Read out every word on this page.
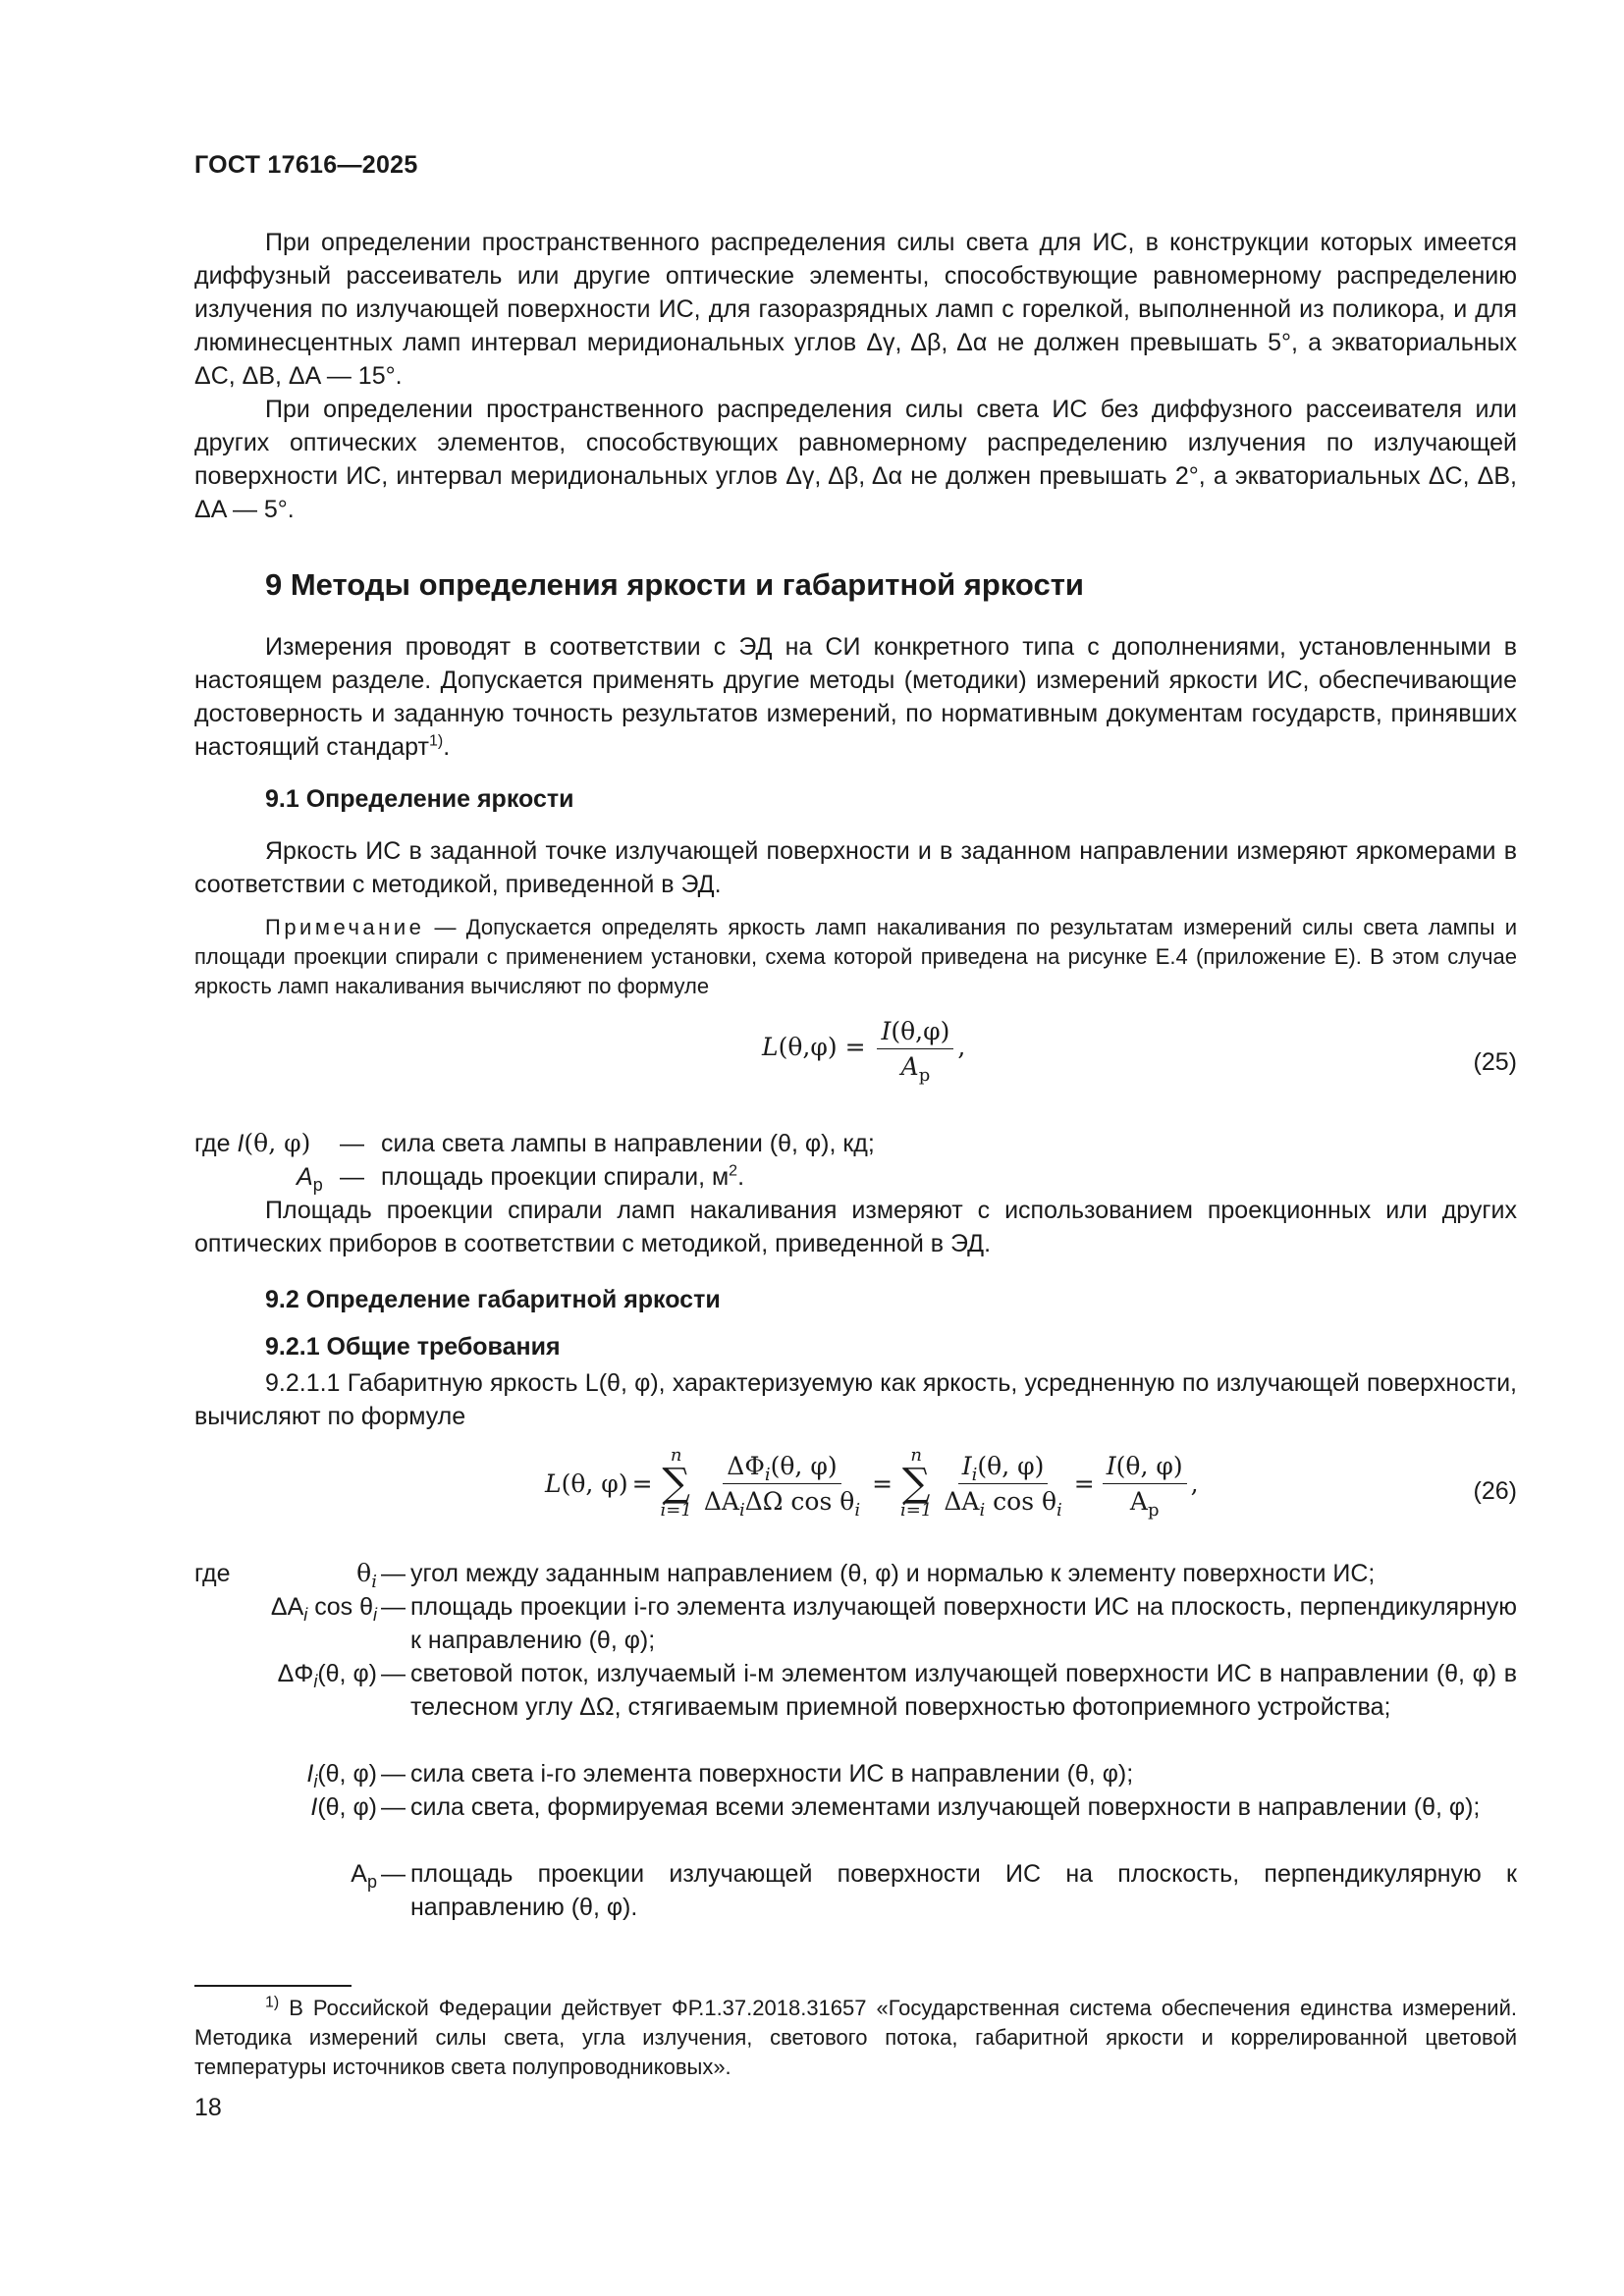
ГОСТ 17616—2025

При определении пространственного распределения силы света для ИС, в конструкции которых имеется диффузный рассеиватель или другие оптические элементы, способствующие равномерному распределению излучения по излучающей поверхности ИС, для газоразрядных ламп с горелкой, выполненной из поликора, и для люминесцентных ламп интервал меридиональных углов Δγ, Δβ, Δα не должен превышать 5°, а экваториальных ΔC, ΔB, ΔA — 15°.

При определении пространственного распределения силы света ИС без диффузного рассеивателя или других оптических элементов, способствующих равномерному распределению излучения по излучающей поверхности ИС, интервал меридиональных углов Δγ, Δβ, Δα не должен превышать 2°, а экваториальных ΔC, ΔB, ΔA — 5°.

9 Методы определения яркости и габаритной яркости

Измерения проводят в соответствии с ЭД на СИ конкретного типа с дополнениями, установленными в настоящем разделе. Допускается применять другие методы (методики) измерений яркости ИС, обеспечивающие достоверность и заданную точность результатов измерений, по нормативным документам государств, принявших настоящий стандарт$^{1)}$.

9.1 Определение яркости

Яркость ИС в заданной точке излучающей поверхности и в заданном направлении измеряют яркомерами в соответствии с методикой, приведенной в ЭД.

Примечание — Допускается определять яркость ламп накаливания по результатам измерений силы света лампы и площади проекции спирали с применением установки, схема которой приведена на рисунке Е.4 (приложение Е). В этом случае яркость ламп накаливания вычисляют по формуле

$L(\theta,\varphi) = \frac{I(\theta,\varphi)}{A_p}$ ,
(25)
где I(θ, φ) — сила света лампы в направлении (θ, φ), кд;
$A_p$ — площадь проекции спирали, $м^2$.

Площадь проекции спирали ламп накаливания измеряют с использованием проекционных или других оптических приборов в соответствии с методикой, приведенной в ЭД.

9.2 Определение габаритной яркости
9.2.1 Общие требования

9.2.1.1 Габаритную яркость L(θ, φ), характеризуемую как яркость, усредненную по излучающей поверхности, вычисляют по формуле

L (θ, φ) =
n
∑
$i=1 \frac{\Delta\Phi_i(\theta, \varphi)}{\Delta A_i\Delta\Omega \cos \theta_i}$ =
n
∑
$i=1 \frac{I_i(\theta, \varphi)}{\Delta A_i \cos \theta_i} = \frac{I(\theta, \varphi)}{A_p}$ ,	(26)
где	$\theta_i$ — угол между заданным направлением (θ, φ) и нормалью к элементу поверхности ИС;
$\Delta A_i$ $\cos \theta_i$ — площадь проекции i-го элемента излучающей поверхности ИС на плоскость, перпендикулярную к направлению (θ, φ);
$\Delta\Phi_i(\theta$, φ) — световой поток, излучаемый i-м элементом излучающей поверхности ИС в направлении (θ, φ) в телесном углу ΔΩ, стягиваемым приемной поверхностью фотоприемного устройства;
$I_i(\theta$, φ) — сила света i-го элемента поверхности ИС в направлении (θ, φ);
I(θ, φ) — сила света, формируемая всеми элементами излучающей поверхности в направлении (θ, φ);
$A_p$ — площадь проекции излучающей поверхности ИС на плоскость, перпендикулярную к направлению (θ, φ).

$^{1)}$ В Российской Федерации действует ФР.1.37.2018.31657 «Государственная система обеспечения единства измерений. Методика измерений силы света, угла излучения, светового потока, габаритной яркости и коррелированной цветовой температуры источников света полупроводниковых».

18
